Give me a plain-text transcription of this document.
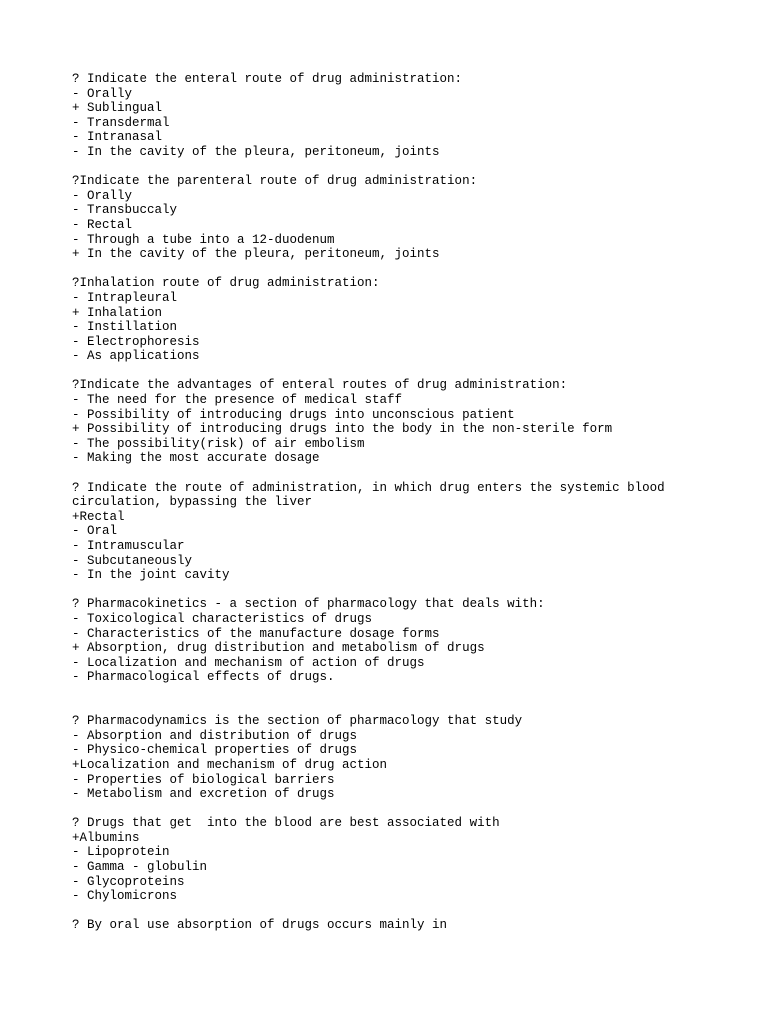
? Indicate the enteral route of drug administration:
- Orally
+ Sublingual
- Transdermal
- Intranasal
- In the cavity of the pleura, peritoneum, joints
?Indicate the parenteral route of drug administration:
- Orally
- Transbuccaly
- Rectal
- Through a tube into a 12-duodenum
+ In the cavity of the pleura, peritoneum, joints
?Inhalation route of drug administration:
- Intrapleural
+ Inhalation
- Instillation
- Electrophoresis
- As applications
?Indicate the advantages of enteral routes of drug administration:
- The need for the presence of medical staff
- Possibility of introducing drugs into unconscious patient
+ Possibility of introducing drugs into the body in the non-sterile form
- The possibility(risk) of air embolism
- Making the most accurate dosage
? Indicate the route of administration, in which drug enters the systemic blood circulation, bypassing the liver
+Rectal
- Oral
- Intramuscular
- Subcutaneously
- In the joint cavity
? Pharmacokinetics - a section of pharmacology that deals with:
- Toxicological characteristics of drugs
- Characteristics of the manufacture dosage forms
+ Absorption, drug distribution and metabolism of drugs
- Localization and mechanism of action of drugs
- Pharmacological effects of drugs.
? Pharmacodynamics is the section of pharmacology that study
- Absorption and distribution of drugs
- Physico-chemical properties of drugs
+Localization and mechanism of drug action
- Properties of biological barriers
- Metabolism and excretion of drugs
? Drugs that get  into the blood are best associated with
+Albumins
- Lipoprotein
- Gamma - globulin
- Glycoproteins
- Chylomicrons
? By oral use absorption of drugs occurs mainly in
